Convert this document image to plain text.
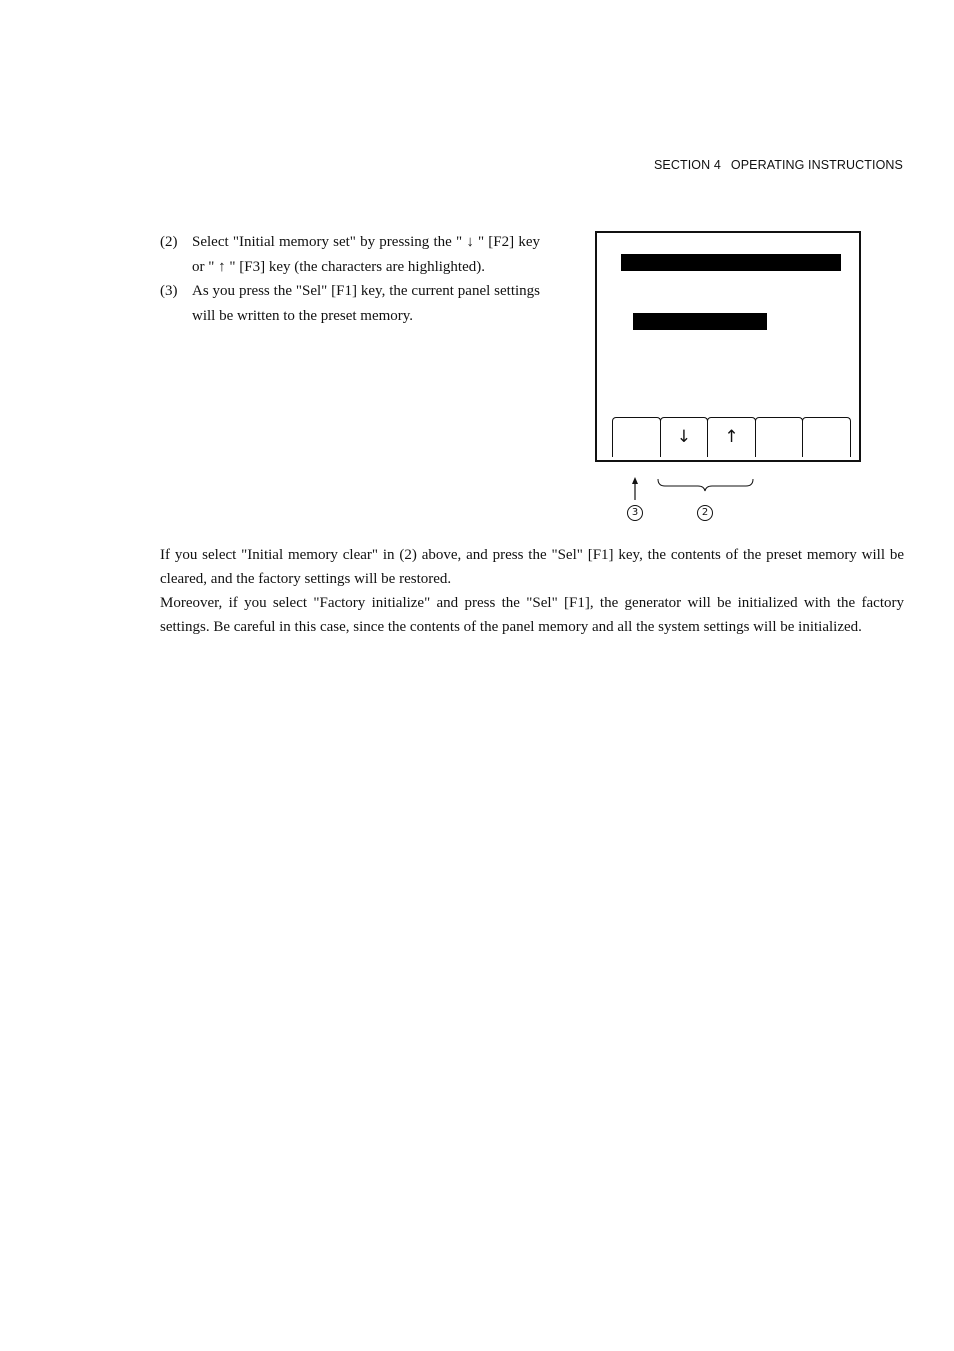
SECTION 4 OPERATING INSTRUCTIONS
(2) Select "Initial memory set" by pressing the " ↓ " [F2] key or " ↑ " [F3] key (the characters are highlighted).
(3) As you press the "Sel" [F1] key, the current panel settings will be written to the preset memory.
↓	↑
3	2

If you select "Initial memory clear" in (2) above, and press the "Sel" [F1] key, the contents of the preset memory will be cleared, and the factory settings will be restored.

Moreover, if you select "Factory initialize" and press the "Sel" [F1], the generator will be initialized with the factory settings. Be careful in this case, since the contents of the panel memory and all the system settings will be initialized.
